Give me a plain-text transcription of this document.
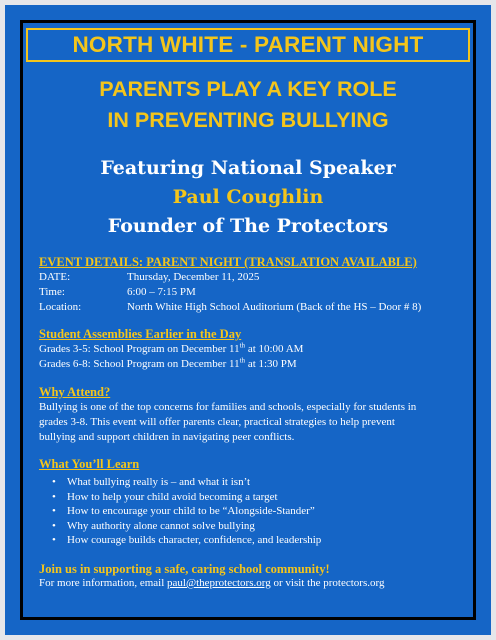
NORTH WHITE - PARENT NIGHT
PARENTS PLAY A KEY ROLE
IN PREVENTING BULLYING
Featuring National Speaker
Paul Coughlin
Founder of The Protectors
EVENT DETAILS: PARENT NIGHT (TRANSLATION AVAILABLE)
DATE:	Thursday, December 11, 2025
Time:	6:00 – 7:15 PM
Location:	North White High School Auditorium (Back of the HS – Door # 8)
Student Assemblies Earlier in the Day
Grades 3-5: School Program on December 11th at 10:00 AM
Grades 6-8: School Program on December 11th at 1:30 PM
Why Attend?
Bullying is one of the top concerns for families and schools, especially for students in
grades 3-8. This event will offer parents clear, practical strategies to help prevent
bullying and support children in navigating peer conflicts.
What You’ll Learn
• What bullying really is – and what it isn’t
• How to help your child avoid becoming a target
• How to encourage your child to be “Alongside-Stander”
• Why authority alone cannot solve bullying
• How courage builds character, confidence, and leadership
Join us in supporting a safe, caring school community!
For more information, email paul@theprotectors.org or visit the protectors.org
